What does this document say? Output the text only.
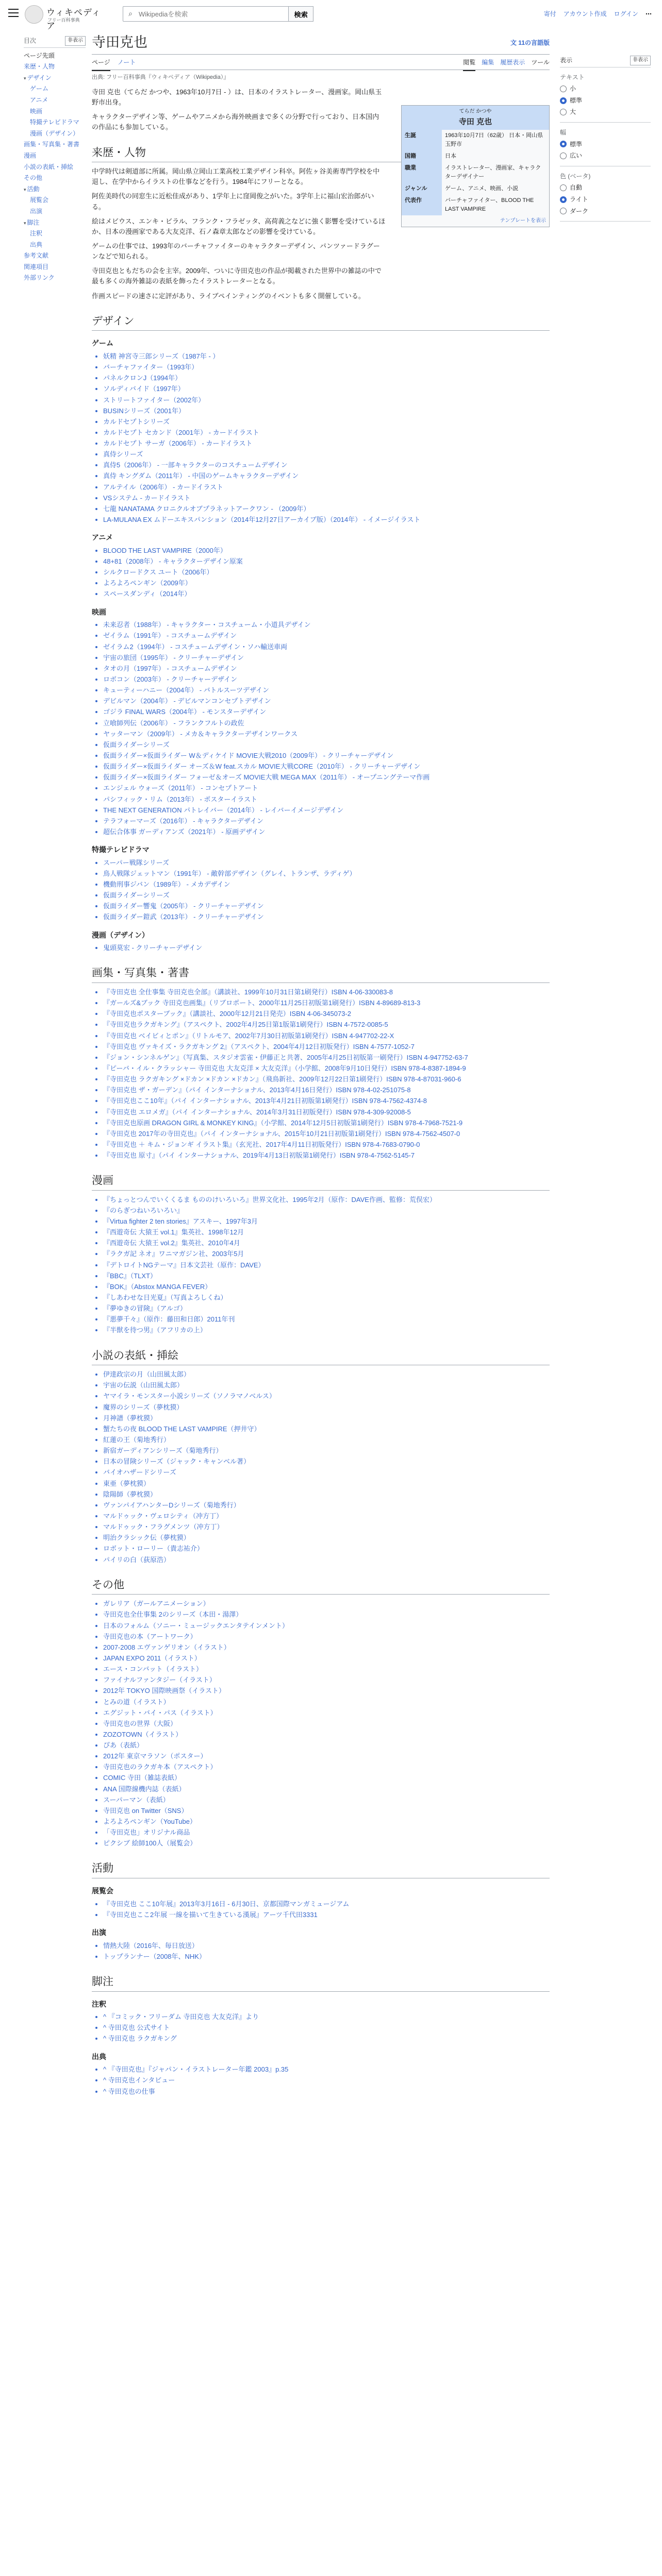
ウィキペディア
フリー百科事典
⌕
Wikipediaを検索	検索	寄付 アカウント作成 ログイン ⋯
目次	非表示
ページ先頭
来歴・人物
▾ デザイン
ゲーム
アニメ
映画
特撮テレビドラマ
漫画（デザイン）
画集・写真集・著書
漫画
小説の表紙・挿絵
その他
▾ 活動
展覧会
出演
▾ 脚注
注釈
出典
参考文献
関連項目
外部リンク
寺田克也	文 11の言語版
ページ ノート	閲覧 編集 履歴表示 ツール
出典: フリー百科事典『ウィキペディア（Wikipedia）』
てらだ かつや
寺田 克也
生誕	1963年10月7日（62歳） 日本・岡山県玉野市
国籍	日本
職業	イラストレーター、漫画家、キャラクターデザイナー
ジャンル	ゲーム、アニメ、映画、小説
代表作	バーチャファイター、BLOOD THE LAST VAMPIRE
テンプレートを表示

寺田 克也（てらだ かつや、1963年10月7日 - ）は、日本のイラストレーター、漫画家。岡山県玉野市出身。

キャラクターデザイン等、ゲームやアニメから海外映画まで多くの分野で行っており、日本国内の作品にも参加している。

来歴・人物

中学時代は剣道部に所属。岡山県立岡山工業高校工業デザイン科卒。阿佐ヶ谷美術専門学校を中退し、在学中からイラストの仕事などを行う。1984年にフリーとなる。

阿佐美時代の同窓生に近松佳成があり、1学年上に窪岡俊之がいた。3学年上に福山宏治郎がいる。

絵はメビウス、エンキ・ビラル、フランク・フラゼッタ、高荷義之などに強く影響を受けているほか、日本の漫画家である大友克洋、石ノ森章太郎などの影響を受けている。

ゲームの仕事では、1993年のバーチャファイターのキャラクターデザイン、パンツァードラグーンなどで知られる。

寺田克也ともだちの会を主宰。2009年、ついに寺田克也の作品が掲載された世界中の雑誌の中で最も多くの海外雑誌の表紙を飾ったイラストレーターとなる。

作画スピードの速さに定評があり、ライブペインティングのイベントも多く開催している。

デザイン
ゲーム
• 妖精 神宮寺三郎シリーズ（1987年 - ）
• バーチャファイター（1993年）
• パネルクロンJ（1994年）
• ソルディバイド（1997年）
• ストリートファイター（2002年）
• BUSINシリーズ（2001年）
• カルドセプトシリーズ
• カルドセプト セカンド（2001年） - カードイラスト
• カルドセプト サーガ（2006年） - カードイラスト
• 真侍シリーズ
• 真侍5（2006年） - 一部キャラクターのコスチュームデザイン
• 真侍 キングダム（2011年） - 中国のゲームキャラクターデザイン
• アルテイル（2006年） - カードイラスト
• VSシステム - カードイラスト
• 七龍 NANATAMA クロニクルオブプラネットアークワン - （2009年）
• LA-MULANA EX ムドーエキスパンション（2014年12月27日アーカイブ版）（2014年） - イメージイラスト
アニメ
• BLOOD THE LAST VAMPIRE（2000年）
• 48+81（2008年） - キャラクターデザイン原案
• シルクロードクス ユート（2006年）
• よろよろペンギン（2009年）
• スペースダンディ（2014年）
映画
• 未来忍者（1988年） - キャラクター・コスチューム・小道具デザイン
• ゼイラム（1991年） - コスチュームデザイン
• ゼイラム2（1994年） - コスチュームデザイン・ソハ輸送車両
• 宇宙の旅団（1995年） - クリーチャーデザイン
• タオの月（1997年） - コスチュームデザイン
• ロボコン（2003年） - クリーチャーデザイン
• キューティーハニー（2004年） - バトルスーツデザイン
• デビルマン（2004年） - デビルマンコンセプトデザイン
• ゴジラ FINAL WARS（2004年） - モンスターデザイン
• 立喰師列伝（2006年） - フランクフルトの政佐
• ヤッターマン（2009年） - メカ＆キャラクターデザインワークス
• 仮面ライダーシリーズ
• 仮面ライダー×仮面ライダー W＆ディケイド MOVIE大戦2010（2009年） - クリーチャーデザイン
• 仮面ライダー×仮面ライダー オーズ＆W feat.スカル MOVIE大戦CORE（2010年） - クリーチャーデザイン
• 仮面ライダー×仮面ライダー フォーゼ＆オーズ MOVIE大戦 MEGA MAX（2011年） - オープニングテーマ作画
• エンジェル ウォーズ（2011年） - コンセプトアート
• パシフィック・リム（2013年） - ポスターイラスト
• THE NEXT GENERATION パトレイバー（2014年） - レイバーイメージデザイン
• テラフォーマーズ（2016年） - キャラクターデザイン
• 超伝合体事 ガーディアンズ（2021年） - 原画デザイン
特撮テレビドラマ
• スーパー戦隊シリーズ
• 鳥人戦隊ジェットマン（1991年） - 敵幹部デザイン（グレイ、トランザ、ラディゲ）
• 機動刑事ジバン（1989年） - メカデザイン
• 仮面ライダーシリーズ
• 仮面ライダー響鬼（2005年） - クリーチャーデザイン
• 仮面ライダー鎧武（2013年） - クリーチャーデザイン
漫画（デザイン）
• 鬼頭莫宏 - クリーチャーデザイン
画集・写真集・著書
• 『寺田克也 全仕事集 寺田克也全部』（講談社、1999年10月31日第1刷発行）ISBN 4-06-330083-8
• 『ガールズ&ブック 寺田克也画集』（リブロポート、2000年11月25日初版第1刷発行）ISBN 4-89689-813-3
• 『寺田克也ポスターブック』（講談社、2000年12月21日発売）ISBN 4-06-345073-2
• 『寺田克也ラクガキング』（アスペクト、2002年4月25日第1版第1刷発行）ISBN 4-7572-0085-5
• 『寺田克也 ベイビィとポン』（リトルモア、2002年7月30日初版第1刷発行）ISBN 4-947702-22-X
• 『寺田克也 ヴァキイズ・ラクガキング 2』（アスペクト、2004年4月12日初版発行）ISBN 4-7577-1052-7
• 『ジョン・シンネルゲン』（写真集、スタジオ雲雀・伊藤正と共著、2005年4月25日初版第一刷発行）ISBN 4-947752-63-7
• 『ピーバ・イル・クラッシャー 寺田克也 大友克洋 × 大友克洋』（小学館、2008年9月10日発行）ISBN 978-4-8387-1894-9
• 『寺田克也 ラクガキング ×ドカン ×ドカン ×ドカン』（飛鳥新社、2009年12月22日第1刷発行）ISBN 978-4-87031-960-6
• 『寺田克也 ザ・ガーデン』（パイ インターナショナル、2013年4月16日発行）ISBN 978-4-02-251075-8
• 『寺田克也ここ10年』（パイ インターナショナル、2013年4月21日初版第1刷発行）ISBN 978-4-7562-4374-8
• 『寺田克也 エロメガ』（パイ インターナショナル、2014年3月31日初版発行）ISBN 978-4-309-92008-5
• 『寺田克也原画 DRAGON GIRL & MONKEY KING』（小学館、2014年12月5日初版第1刷発行）ISBN 978-4-7968-7521-9
• 『寺田克也 2017年の寺田克也』（パイ インターナショナル、2015年10月21日初版第1刷発行）ISBN 978-4-7562-4507-0
• 『寺田克也 ＋ キム・ジョンギ イラスト集』（玄光社、2017年4月11日初版発行）ISBN 978-4-7683-0790-0
• 『寺田克也 原寸』（パイ インターナショナル、2019年4月13日初版第1刷発行）ISBN 978-4-7562-5145-7
漫画
• 『ちょっとつんでいくくるま もののけいろいろ』世界文化社、1995年2月（原作：DAVE作画、監修：荒俣宏）
• 『のらぎつねいろいろい』
• 『Virtua fighter 2 ten stories』アスキー、1997年3月
• 『西遊奇伝 大猿王 vol.1』集英社、1998年12月
• 『西遊奇伝 大猿王 vol.2』集英社、2010年4月
• 『ラクガ記 ネオ』ワニマガジン社、2003年5月
• 『デトロイトNGテーマ』日本文芸社（原作：DAVE）
• 『BBC』（TLXT）
• 『BOK』（Abstox MANGA FEVER）
• 『しあわせな日光夏』（写真よろしくね）
• 『夢ゆきの冒険』（アルゴ）
• 『悪夢千々』（原作：藤田和日郎）2011年刊
• 『半獣を待つ男』（アフリカの上）
小説の表紙・挿絵
• 伊達政宗の月（山田風太郎）
• 宇宙の伝説（山田風太郎）
• ヤマイラ・モンスター小説シリーズ（ソノラマノベルス）
• 魔界のシリーズ（夢枕獏）
• 月神譜（夢枕獏）
• 蟹たちの夜 BLOOD THE LAST VAMPIRE（押井守）
• 紅蓮の王（菊地秀行）
• 新宿ガーディアンシリーズ（菊地秀行）
• 日本の冒険シリーズ（ジャック・キャンベル著）
• バイオハザードシリーズ
• 東亜（夢枕獏）
• 陰陽師（夢枕獏）
• ヴァンパイアハンターDシリーズ（菊地秀行）
• マルドゥック・ヴェロシティ（冲方丁）
• マルドゥック・フラグメンツ（冲方丁）
• 明治クラシック伝（夢枕獏）
• ロボット・ローリー（貴志祐介）
• パイリの白（荻原浩）
その他
• ガレリア（ガールアニメーション）
• 寺田克也全仕事集 2のシリーズ（本田・湯澤）
• 日本のフォルム（ソニー・ミュージックエンタテインメント）
• 寺田克也の本（アートワーク）
• 2007-2008 エヴァンゲリオン（イラスト）
• JAPAN EXPO 2011（イラスト）
• エース・コンバット（イラスト）
• ファイナルファンタジー（イラスト）
• 2012年 TOKYO 国際映画祭（イラスト）
• とみの道（イラスト）
• エグジット・バイ・パス（イラスト）
• 寺田克也の世界（大阪）
• ZOZOTOWN（イラスト）
• ぴあ（表紙）
• 2012年 東京マラソン（ポスター）
• 寺田克也のラクガキ本（アスペクト）
• COMIC 寺田（雑誌表紙）
• ANA 国際線機内誌（表紙）
• スーパーマン（表紙）
• 寺田克也 on Twitter（SNS）
• よろよろペンギン（YouTube）
• 「寺田克也」オリジナル商品
• ピクシブ 絵師100人（展覧会）
活動
展覧会
• 『寺田克也 ここ10年展』2013年3月16日 - 6月30日、京都国際マンガミュージアム
• 『寺田克也ここ2年展 一線を描いて生きている漢展』アーツ千代田3331
出演
• 情熱大陸（2016年、毎日放送）
• トップランナー（2008年、NHK）
脚注
注釈
• ^ 『コミック・フリーダム 寺田克也 大友克洋』より
• ^ 寺田克也 公式サイト
• ^ 寺田克也 ラクガキング
出典
• ^ 『寺田克也』『ジャパン・イラストレーター年鑑 2003』p.35
• ^ 寺田克也インタビュー
• ^ 寺田克也の仕事
表示	非表示
テキスト
小
標準
大
幅
標準
広い
色 (ベータ)
自動
ライト
ダーク
